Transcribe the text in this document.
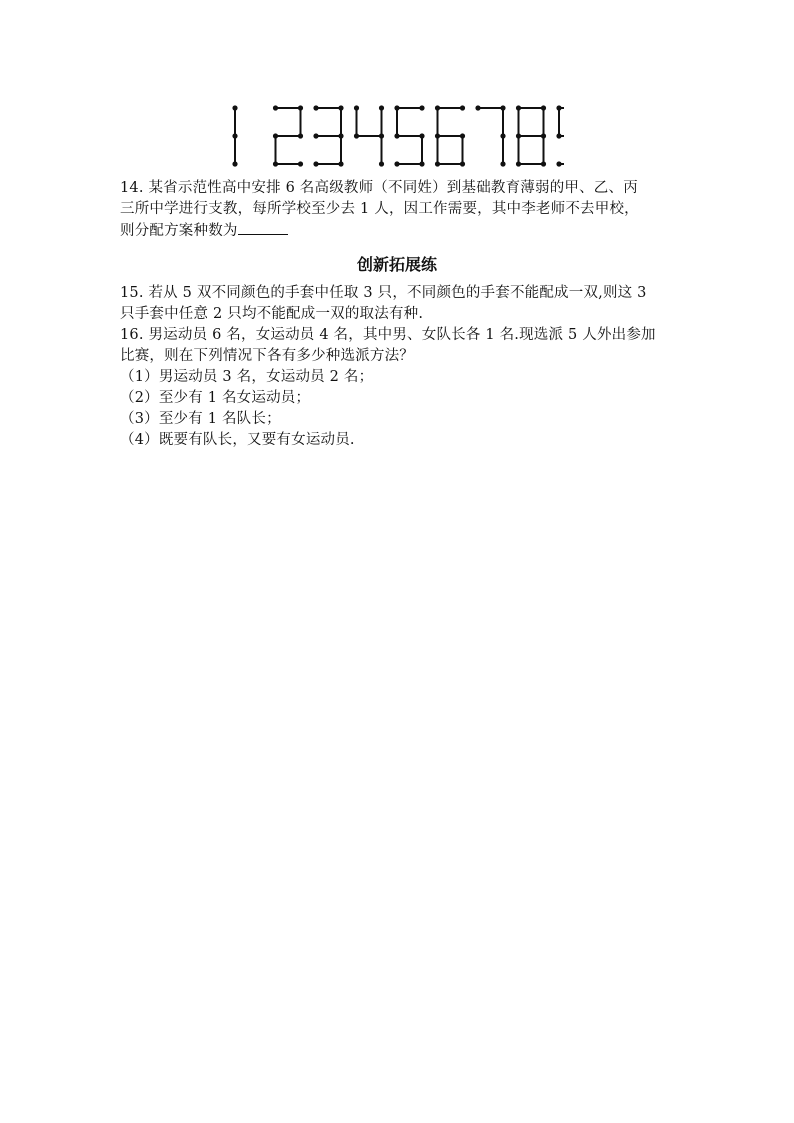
14. 某省示范性高中安排 6 名高级教师（不同姓）到基础教育薄弱的甲、乙、丙
三所中学进行支教，每所学校至少去 1 人，因工作需要，其中李老师不去甲校，
则分配方案种数为
创新拓展练
15. 若从 5 双不同颜色的手套中任取 3 只，不同颜色的手套不能配成一双,则这 3
只手套中任意 2 只均不能配成一双的取法有种.
16. 男运动员 6 名，女运动员 4 名，其中男、女队长各 1 名.现选派 5 人外出参加
比赛，则在下列情况下各有多少种选派方法？
（1）男运动员 3 名，女运动员 2 名；
（2）至少有 1 名女运动员；
（3）至少有 1 名队长；
（4）既要有队长，又要有女运动员.
